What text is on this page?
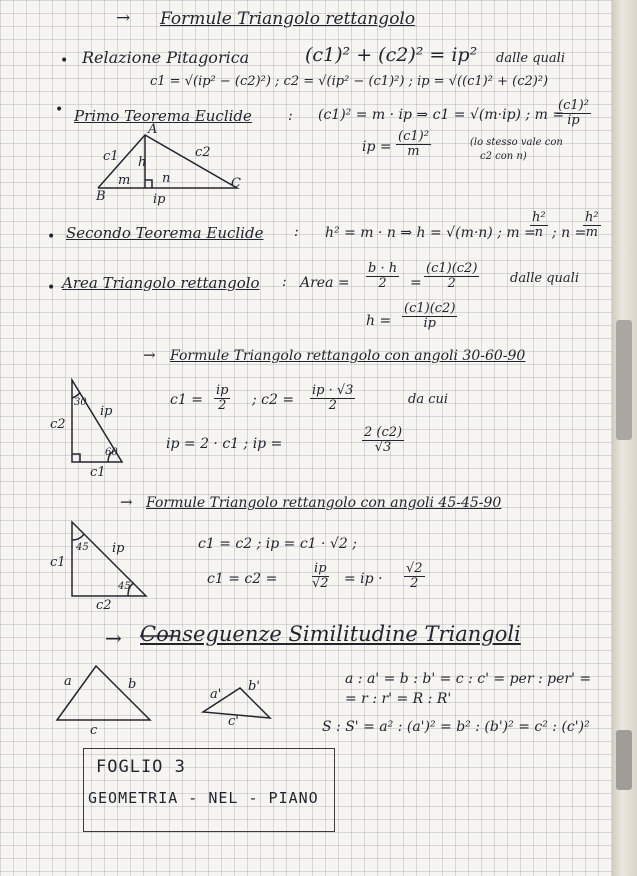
→ Formule Triangolo rettangolo
• Relazione Pitagorica	(c1)² + (c2)² = ip² dalle quali
c1 = √(ip² − (c2)²) ; c2 = √(ip² − (c1)²) ; ip = √((c1)² + (c2)²)
• Primo Teorema Euclide	: (c1)² = m · ip ⇒ c1 = √(m·ip) ; m =
$\frac{\text{(c1)²}}{ip}$
ip = $\frac{\text{(c1)²}}{m}$	(lo stesso vale con
c2 con n)
A
B
C
c1	c2
h
m n
ip
• Secondo Teorema Euclide : h² = m · n ⇒ h = √(m·n) ; m =
$\frac{\text{h²}}{n}$ ; n =
$\frac{\text{h²}}{m}$
• Area Triangolo rettangolo : Area = $\frac{b \cdot h}{2} = \frac{(c1)(c2)}{2}$ dalle quali
$h = \frac{(c1)(c2)}{ip}$
→ Formule Triangolo rettangolo con angoli 30-60-90
$c1 = \frac{ip}{2}$ ; $c2 = \frac{ip \cdot √3}{2}$	da cui
ip = 2 · c1 ; ip =	$\frac{2 (c2)}{√3}$
30
60
ip
c2
c1
→ Formule Triangolo rettangolo con angoli 45-45-90
c1 = c2 ; ip = c1 · √2 ;
c1 = c2 =	$\frac{ip}{√2}$ = ip · $\frac{√2}{2}$
45
45
ip
c1
c2
→ Conseguenze Similitudine Triangoli
a : a' = b : b' = c : c' = per : per' =
= r : r' = R : R'
S : S' = a² : (a')² = b² : (b')² = c² : (c')²
a	b
c
a'
b'
c'
FOGLIO 3
GEOMETRIA - NEL - PIANO
